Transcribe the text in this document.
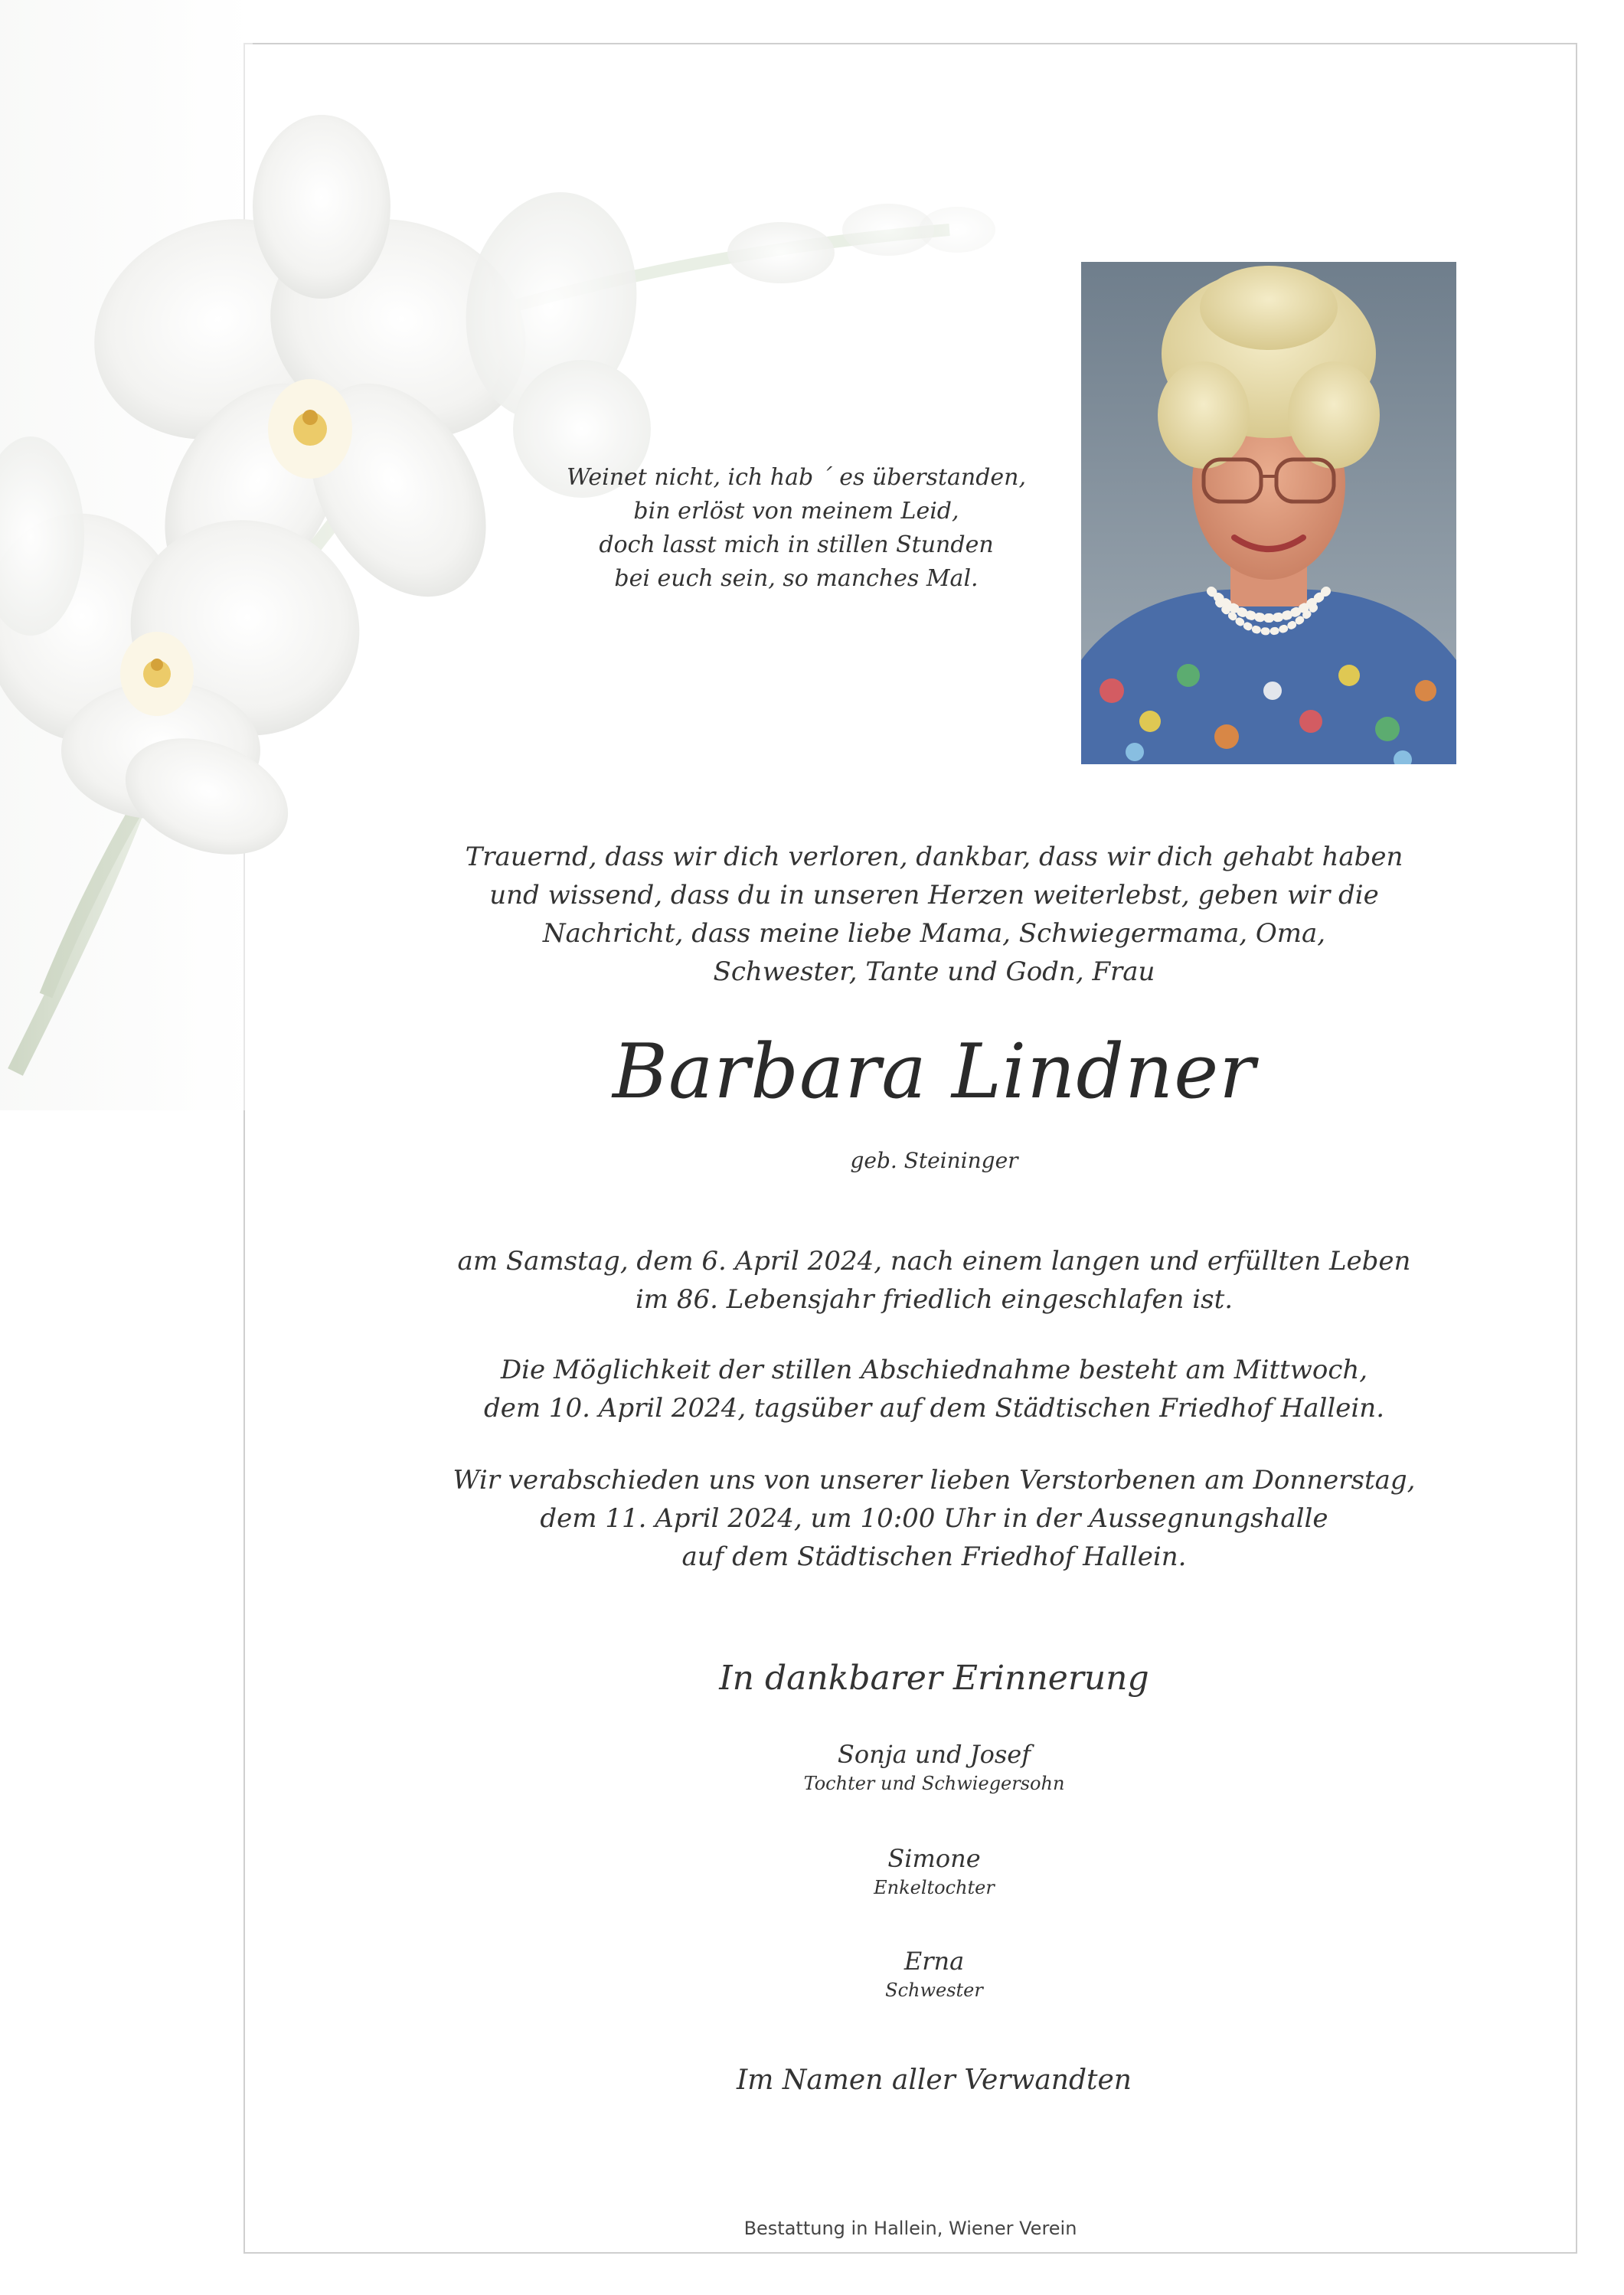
Weinet nicht, ich hab ´ es überstanden,
bin erlöst von meinem Leid,
doch lasst mich in stillen Stunden
bei euch sein, so manches Mal.
Trauernd, dass wir dich verloren, dankbar, dass wir dich gehabt haben
und wissend, dass du in unseren Herzen weiterlebst, geben wir die
Nachricht, dass meine liebe Mama, Schwiegermama, Oma,
Schwester, Tante und Godn, Frau
Barbara Lindner
geb. Steininger
am Samstag, dem 6. April 2024, nach einem langen und erfüllten Leben
im 86. Lebensjahr friedlich eingeschlafen ist.
Die Möglichkeit der stillen Abschiednahme besteht am Mittwoch,
dem 10. April 2024, tagsüber auf dem Städtischen Friedhof Hallein.
Wir verabschieden uns von unserer lieben Verstorbenen am Donnerstag,
dem 11. April 2024, um 10:00 Uhr in der Aussegnungshalle
auf dem Städtischen Friedhof Hallein.
In dankbarer Erinnerung
Sonja und Josef
Tochter und Schwiegersohn
Simone
Enkeltochter
Erna
Schwester
Im Namen aller Verwandten
Bestattung in Hallein, Wiener Verein
